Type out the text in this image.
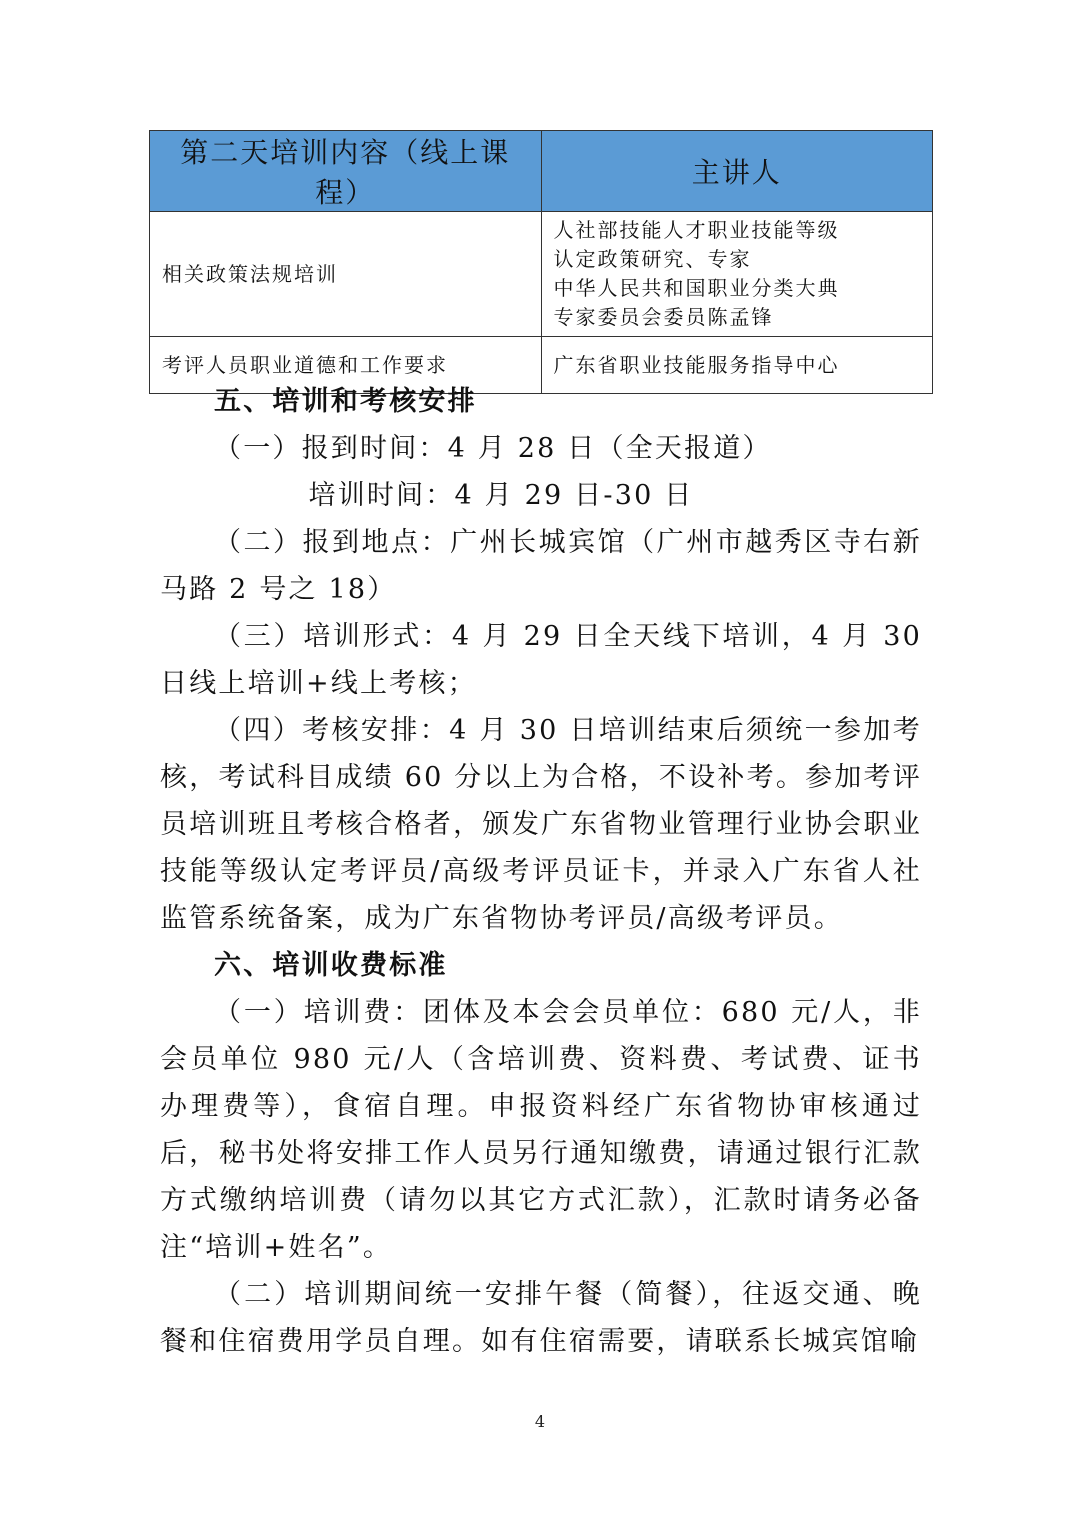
第二天培训内容（线上课程）	主讲人
相关政策法规培训	人社部技能人才职业技能等级
认定政策研究、专家
中华人民共和国职业分类大典
专家委员会委员陈孟锋

考评人员职业道德和工作要求	广东省职业技能服务指导中心

五、培训和考核安排

（一）报到时间：4 月 28 日（全天报道）

培训时间：4 月 29 日-30 日

（二）报到地点：广州长城宾馆（广州市越秀区寺右新马路 2 号之 18）

（三）培训形式：4 月 29 日全天线下培训，4 月 30 日线上培训+线上考核；

（四）考核安排：4 月 30 日培训结束后须统一参加考核，考试科目成绩 60 分以上为合格，不设补考。参加考评员培训班且考核合格者，颁发广东省物业管理行业协会职业技能等级认定考评员/高级考评员证卡，并录入广东省人社监管系统备案，成为广东省物协考评员/高级考评员。

六、培训收费标准

（一）培训费：团体及本会会员单位：680 元/人，非会员单位 980 元/人（含培训费、资料费、考试费、证书办理费等），食宿自理。申报资料经广东省物协审核通过后，秘书处将安排工作人员另行通知缴费，请通过银行汇款方式缴纳培训费（请勿以其它方式汇款），汇款时请务必备注“培训+姓名”。

（二）培训期间统一安排午餐（简餐），往返交通、晚餐和住宿费用学员自理。如有住宿需要，请联系长城宾馆喻

4
